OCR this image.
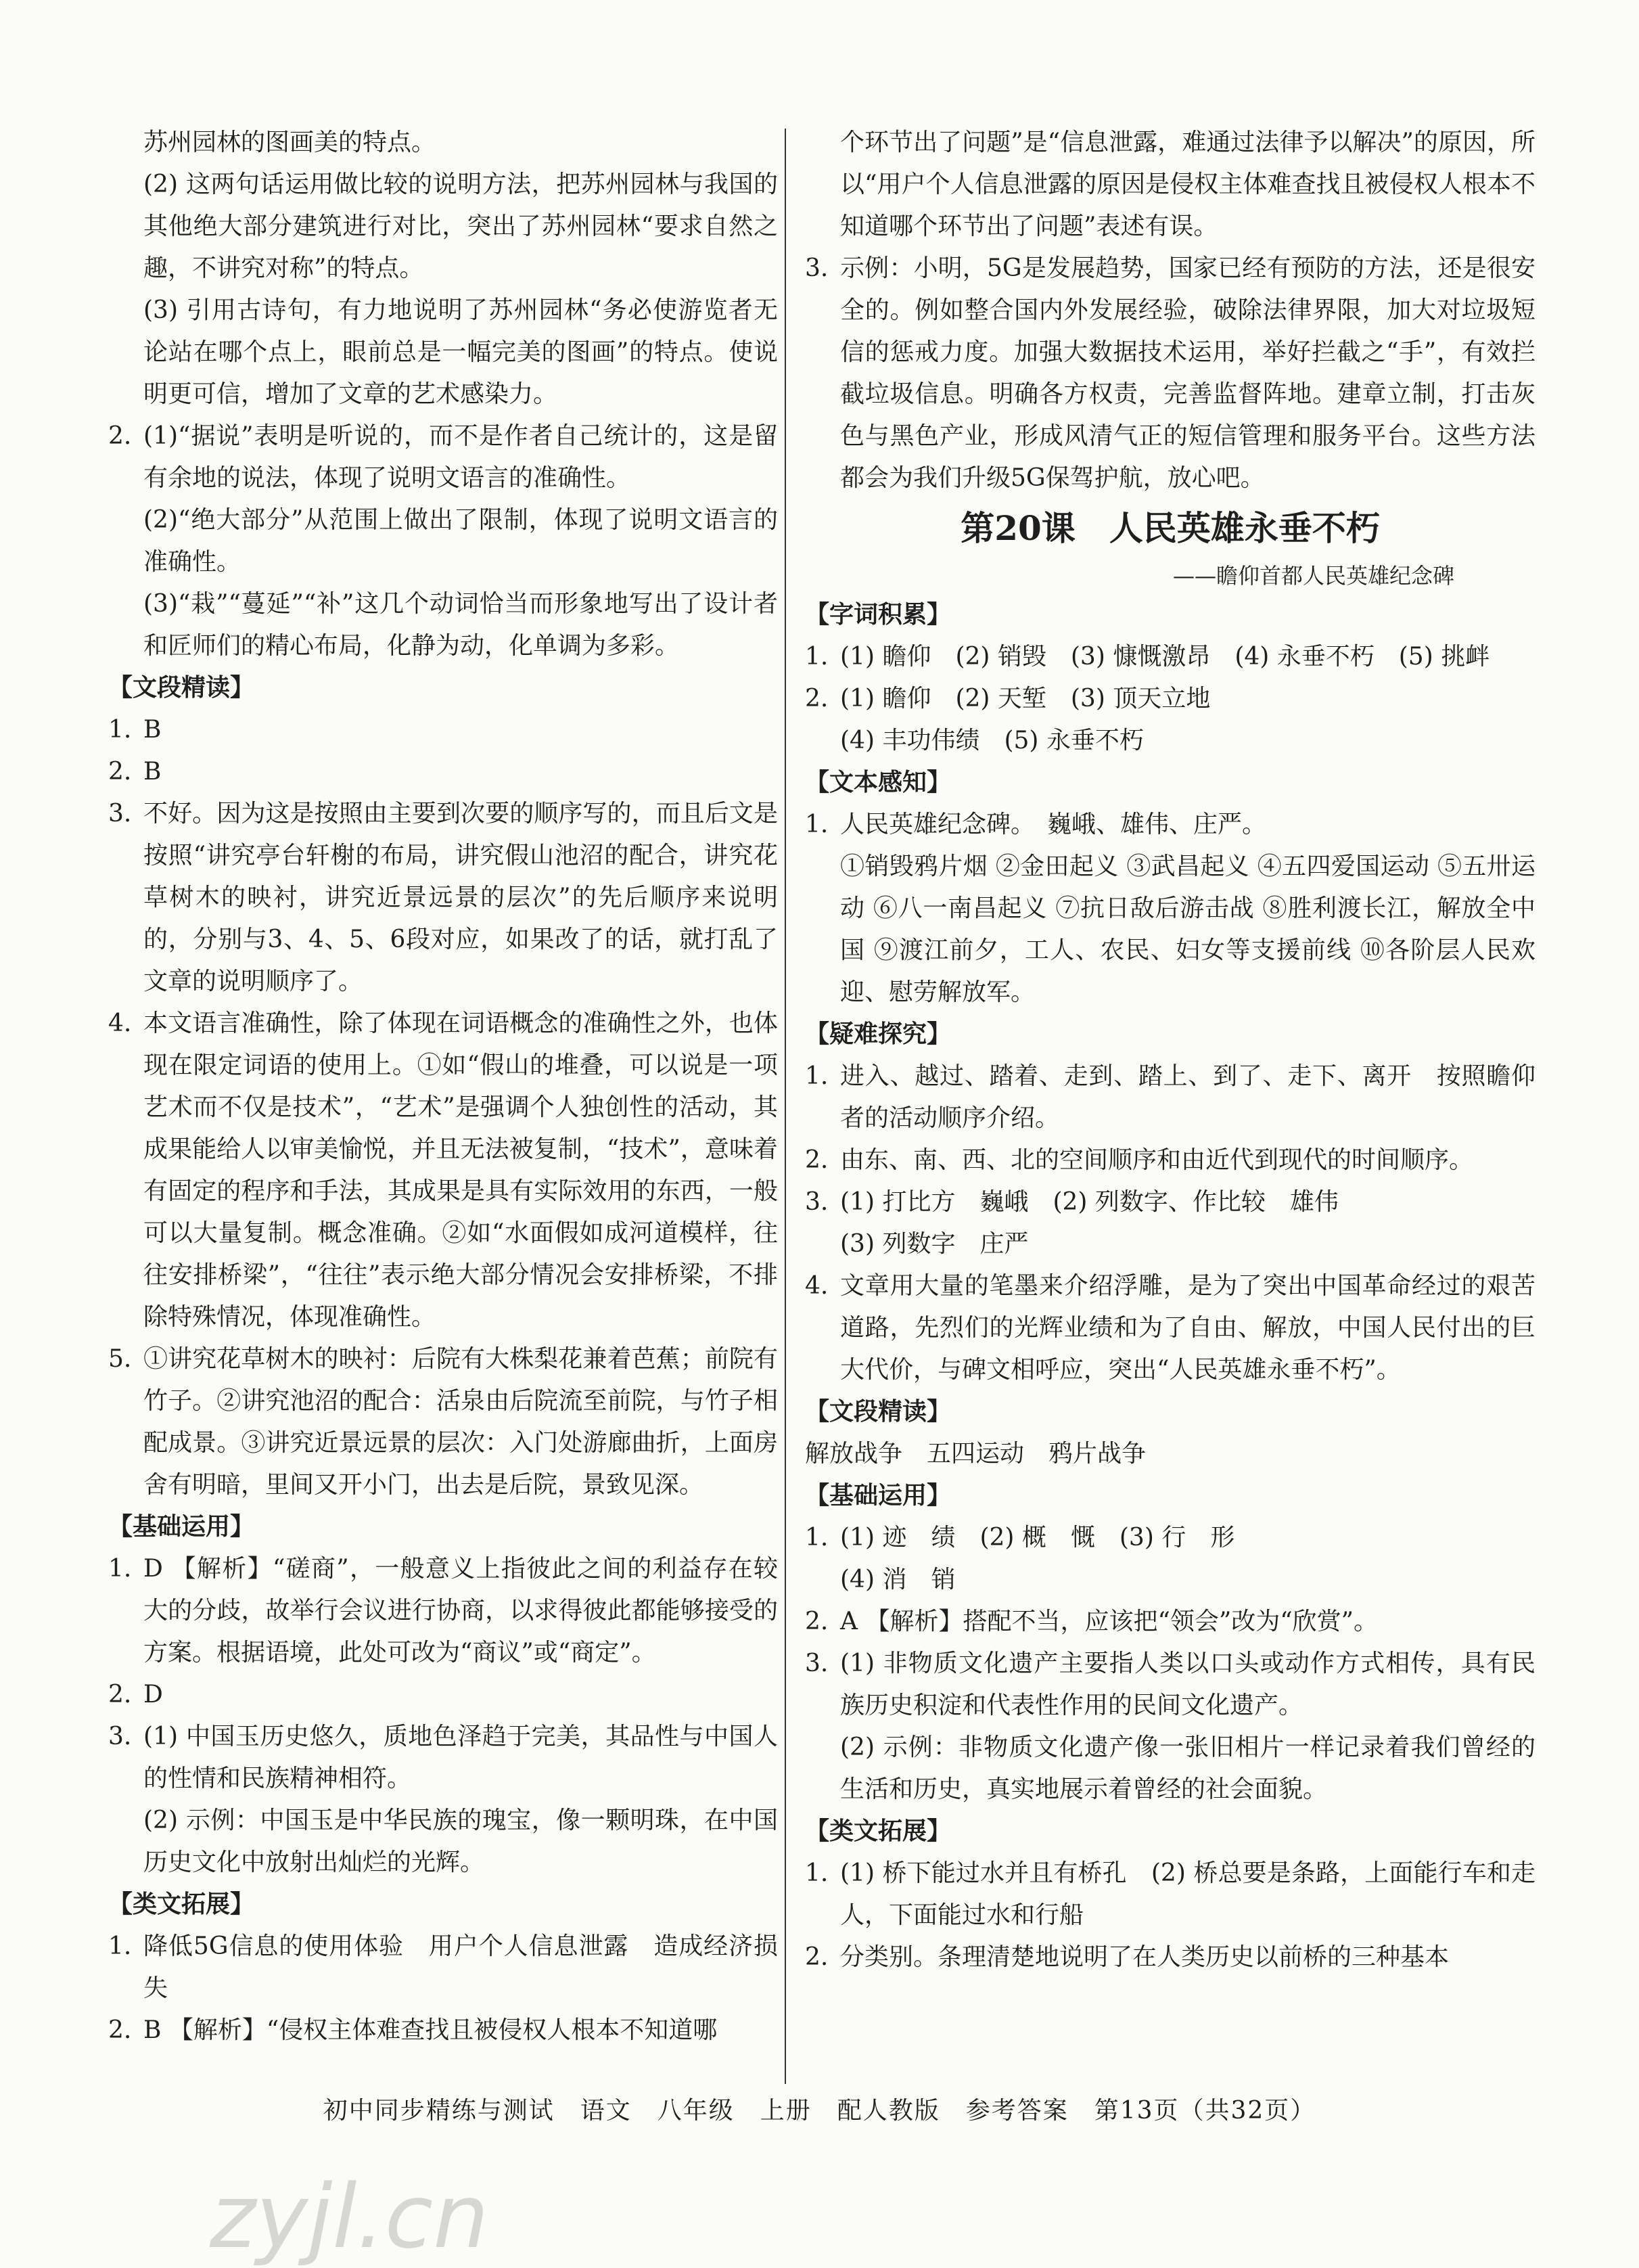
苏州园林的图画美的特点。
(2) 这两句话运用做比较的说明方法，把苏州园林与我国的其他绝大部分建筑进行对比，突出了苏州园林“要求自然之趣，不讲究对称”的特点。
(3) 引用古诗句，有力地说明了苏州园林“务必使游览者无论站在哪个点上，眼前总是一幅完美的图画”的特点。使说明更可信，增加了文章的艺术感染力。
2. (1)“据说”表明是听说的，而不是作者自己统计的，这是留有余地的说法，体现了说明文语言的准确性。
(2)“绝大部分”从范围上做出了限制，体现了说明文语言的准确性。
(3)“栽”“蔓延”“补”这几个动词恰当而形象地写出了设计者和匠师们的精心布局，化静为动，化单调为多彩。
【文段精读】
1. B
2. B
3. 不好。因为这是按照由主要到次要的顺序写的，而且后文是按照“讲究亭台轩榭的布局，讲究假山池沼的配合，讲究花草树木的映衬，讲究近景远景的层次”的先后顺序来说明的，分别与3、4、5、6段对应，如果改了的话，就打乱了文章的说明顺序了。
4. 本文语言准确性，除了体现在词语概念的准确性之外，也体现在限定词语的使用上。①如“假山的堆叠，可以说是一项艺术而不仅是技术”，“艺术”是强调个人独创性的活动，其成果能给人以审美愉悦，并且无法被复制，“技术”，意味着有固定的程序和手法，其成果是具有实际效用的东西，一般可以大量复制。概念准确。②如“水面假如成河道模样，往往安排桥梁”，“往往”表示绝大部分情况会安排桥梁，不排除特殊情况，体现准确性。
5. ①讲究花草树木的映衬：后院有大株梨花兼着芭蕉；前院有竹子。②讲究池沼的配合：活泉由后院流至前院，与竹子相配成景。③讲究近景远景的层次：入门处游廊曲折，上面房舍有明暗，里间又开小门，出去是后院，景致见深。
【基础运用】
1. D 【解析】“磋商”，一般意义上指彼此之间的利益存在较大的分歧，故举行会议进行协商，以求得彼此都能够接受的方案。根据语境，此处可改为“商议”或“商定”。
2. D
3. (1) 中国玉历史悠久，质地色泽趋于完美，其品性与中国人的性情和民族精神相符。
(2) 示例：中国玉是中华民族的瑰宝，像一颗明珠，在中国历史文化中放射出灿烂的光辉。
【类文拓展】
1. 降低5G信息的使用体验　用户个人信息泄露　造成经济损失
2. B 【解析】“侵权主体难查找且被侵权人根本不知道哪
个环节出了问题”是“信息泄露，难通过法律予以解决”的原因，所以“用户个人信息泄露的原因是侵权主体难查找且被侵权人根本不知道哪个环节出了问题”表述有误。
3. 示例：小明，5G是发展趋势，国家已经有预防的方法，还是很安全的。例如整合国内外发展经验，破除法律界限，加大对垃圾短信的惩戒力度。加强大数据技术运用，举好拦截之“手”，有效拦截垃圾信息。明确各方权责，完善监督阵地。建章立制，打击灰色与黑色产业，形成风清气正的短信管理和服务平台。这些方法都会为我们升级5G保驾护航，放心吧。
第20课　人民英雄永垂不朽
——瞻仰首都人民英雄纪念碑
【字词积累】
1. (1) 瞻仰　(2) 销毁　(3) 慷慨激昂　(4) 永垂不朽　(5) 挑衅
2. (1) 瞻仰　(2) 天堑　(3) 顶天立地
(4) 丰功伟绩　(5) 永垂不朽
【文本感知】
1. 人民英雄纪念碑。　巍峨、雄伟、庄严。
①销毁鸦片烟 ②金田起义 ③武昌起义 ④五四爱国运动 ⑤五卅运动 ⑥八一南昌起义 ⑦抗日敌后游击战 ⑧胜利渡长江，解放全中国 ⑨渡江前夕，工人、农民、妇女等支援前线 ⑩各阶层人民欢迎、慰劳解放军。
【疑难探究】
1. 进入、越过、踏着、走到、踏上、到了、走下、离开　按照瞻仰者的活动顺序介绍。
2. 由东、南、西、北的空间顺序和由近代到现代的时间顺序。
3. (1) 打比方　巍峨　(2) 列数字、作比较　雄伟
(3) 列数字　庄严
4. 文章用大量的笔墨来介绍浮雕，是为了突出中国革命经过的艰苦道路，先烈们的光辉业绩和为了自由、解放，中国人民付出的巨大代价，与碑文相呼应，突出“人民英雄永垂不朽”。
【文段精读】
解放战争　五四运动　鸦片战争
【基础运用】
1. (1) 迹　绩　(2) 概　慨　(3) 行　形
(4) 消　销
2. A 【解析】搭配不当，应该把“领会”改为“欣赏”。
3. (1) 非物质文化遗产主要指人类以口头或动作方式相传，具有民族历史积淀和代表性作用的民间文化遗产。
(2) 示例：非物质文化遗产像一张旧相片一样记录着我们曾经的生活和历史，真实地展示着曾经的社会面貌。
【类文拓展】
1. (1) 桥下能过水并且有桥孔　(2) 桥总要是条路，上面能行车和走人，下面能过水和行船
2. 分类别。条理清楚地说明了在人类历史以前桥的三种基本
初中同步精练与测试　语文　八年级　上册　配人教版　参考答案　第13页（共32页）
zyjl.cn
